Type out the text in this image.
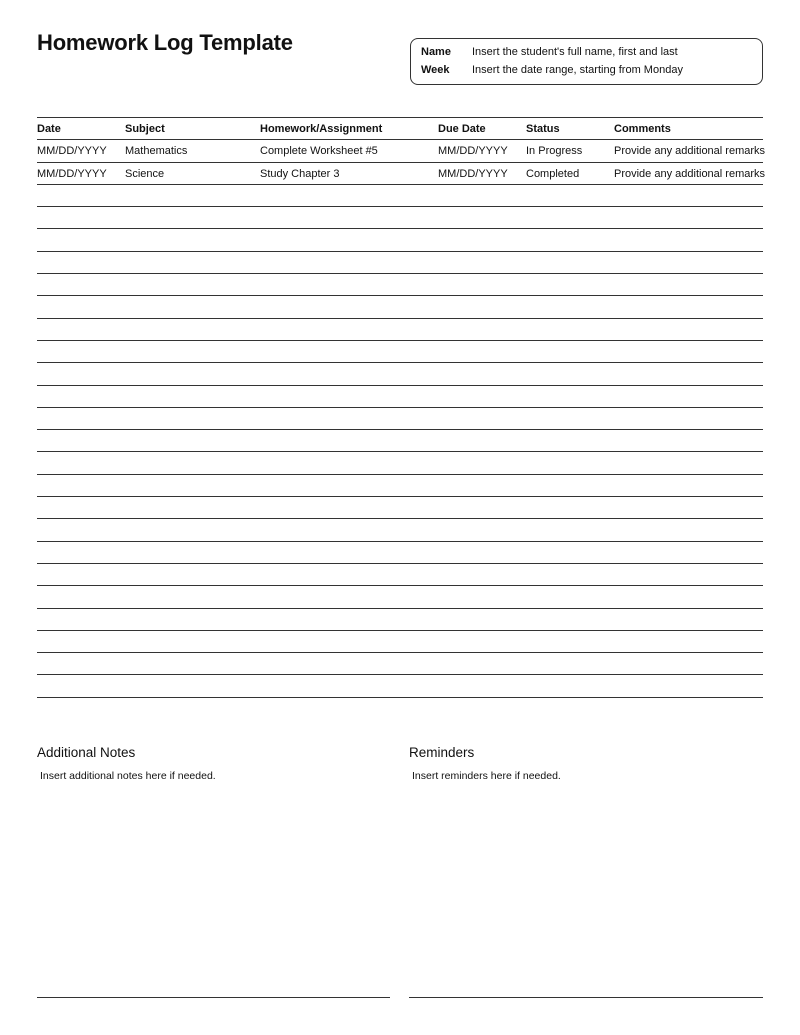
Homework Log Template	Name Insert the student's full name, first and last
Week Insert the date range, starting from Monday
Date	Subject	Homework/Assignment	Due Date	Status	Comments
MM/DD/YYYY Mathematics	Complete Worksheet #5	MM/DD/YYYY In Progress	Provide any additional remarks
MM/DD/YYYY Science	Study Chapter 3	MM/DD/YYYY Completed	Provide any additional remarks
Additional Notes
Insert additional notes here if needed.
Reminders
Insert reminders here if needed.
